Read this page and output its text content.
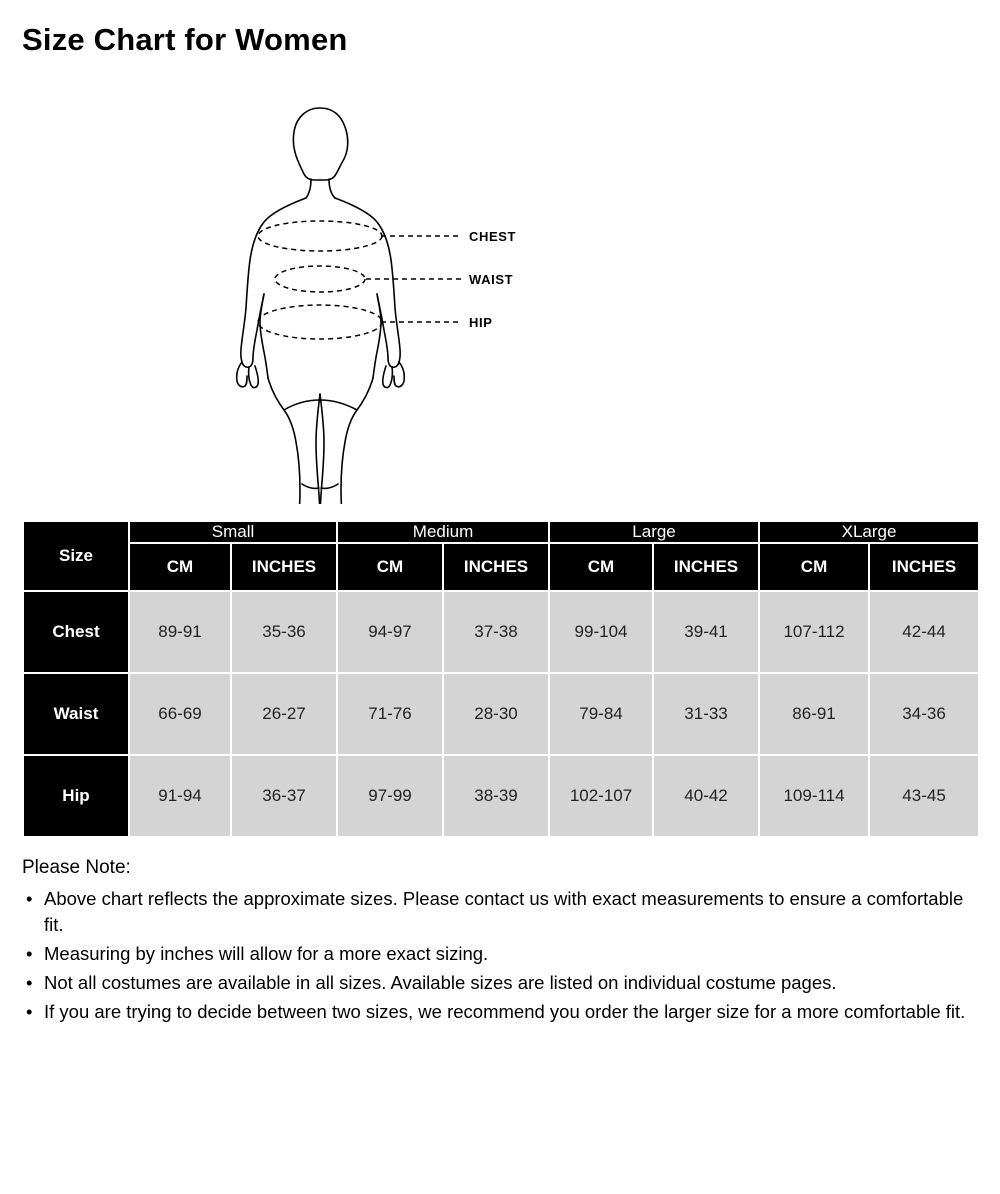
Size Chart for Women
CHEST
WAIST
HIP
Size	Small		Medium		Large		XLarge	
	CM	INCHES	CM	INCHES	CM	INCHES	CM	INCHES
Chest	89-91	35-36	94-97	37-38	99-104	39-41	107-112	42-44
Waist	66-69	26-27	71-76	28-30	79-84	31-33	86-91	34-36
Hip	91-94	36-37	97-99	38-39	102-107	40-42	109-114	43-45

Please Note:

• Above chart reflects the approximate sizes. Please contact us with exact measurements to ensure a comfortable fit.
• Measuring by inches will allow for a more exact sizing.
• Not all costumes are available in all sizes. Available sizes are listed on individual costume pages.
• If you are trying to decide between two sizes, we recommend you order the larger size for a more comfortable fit.
